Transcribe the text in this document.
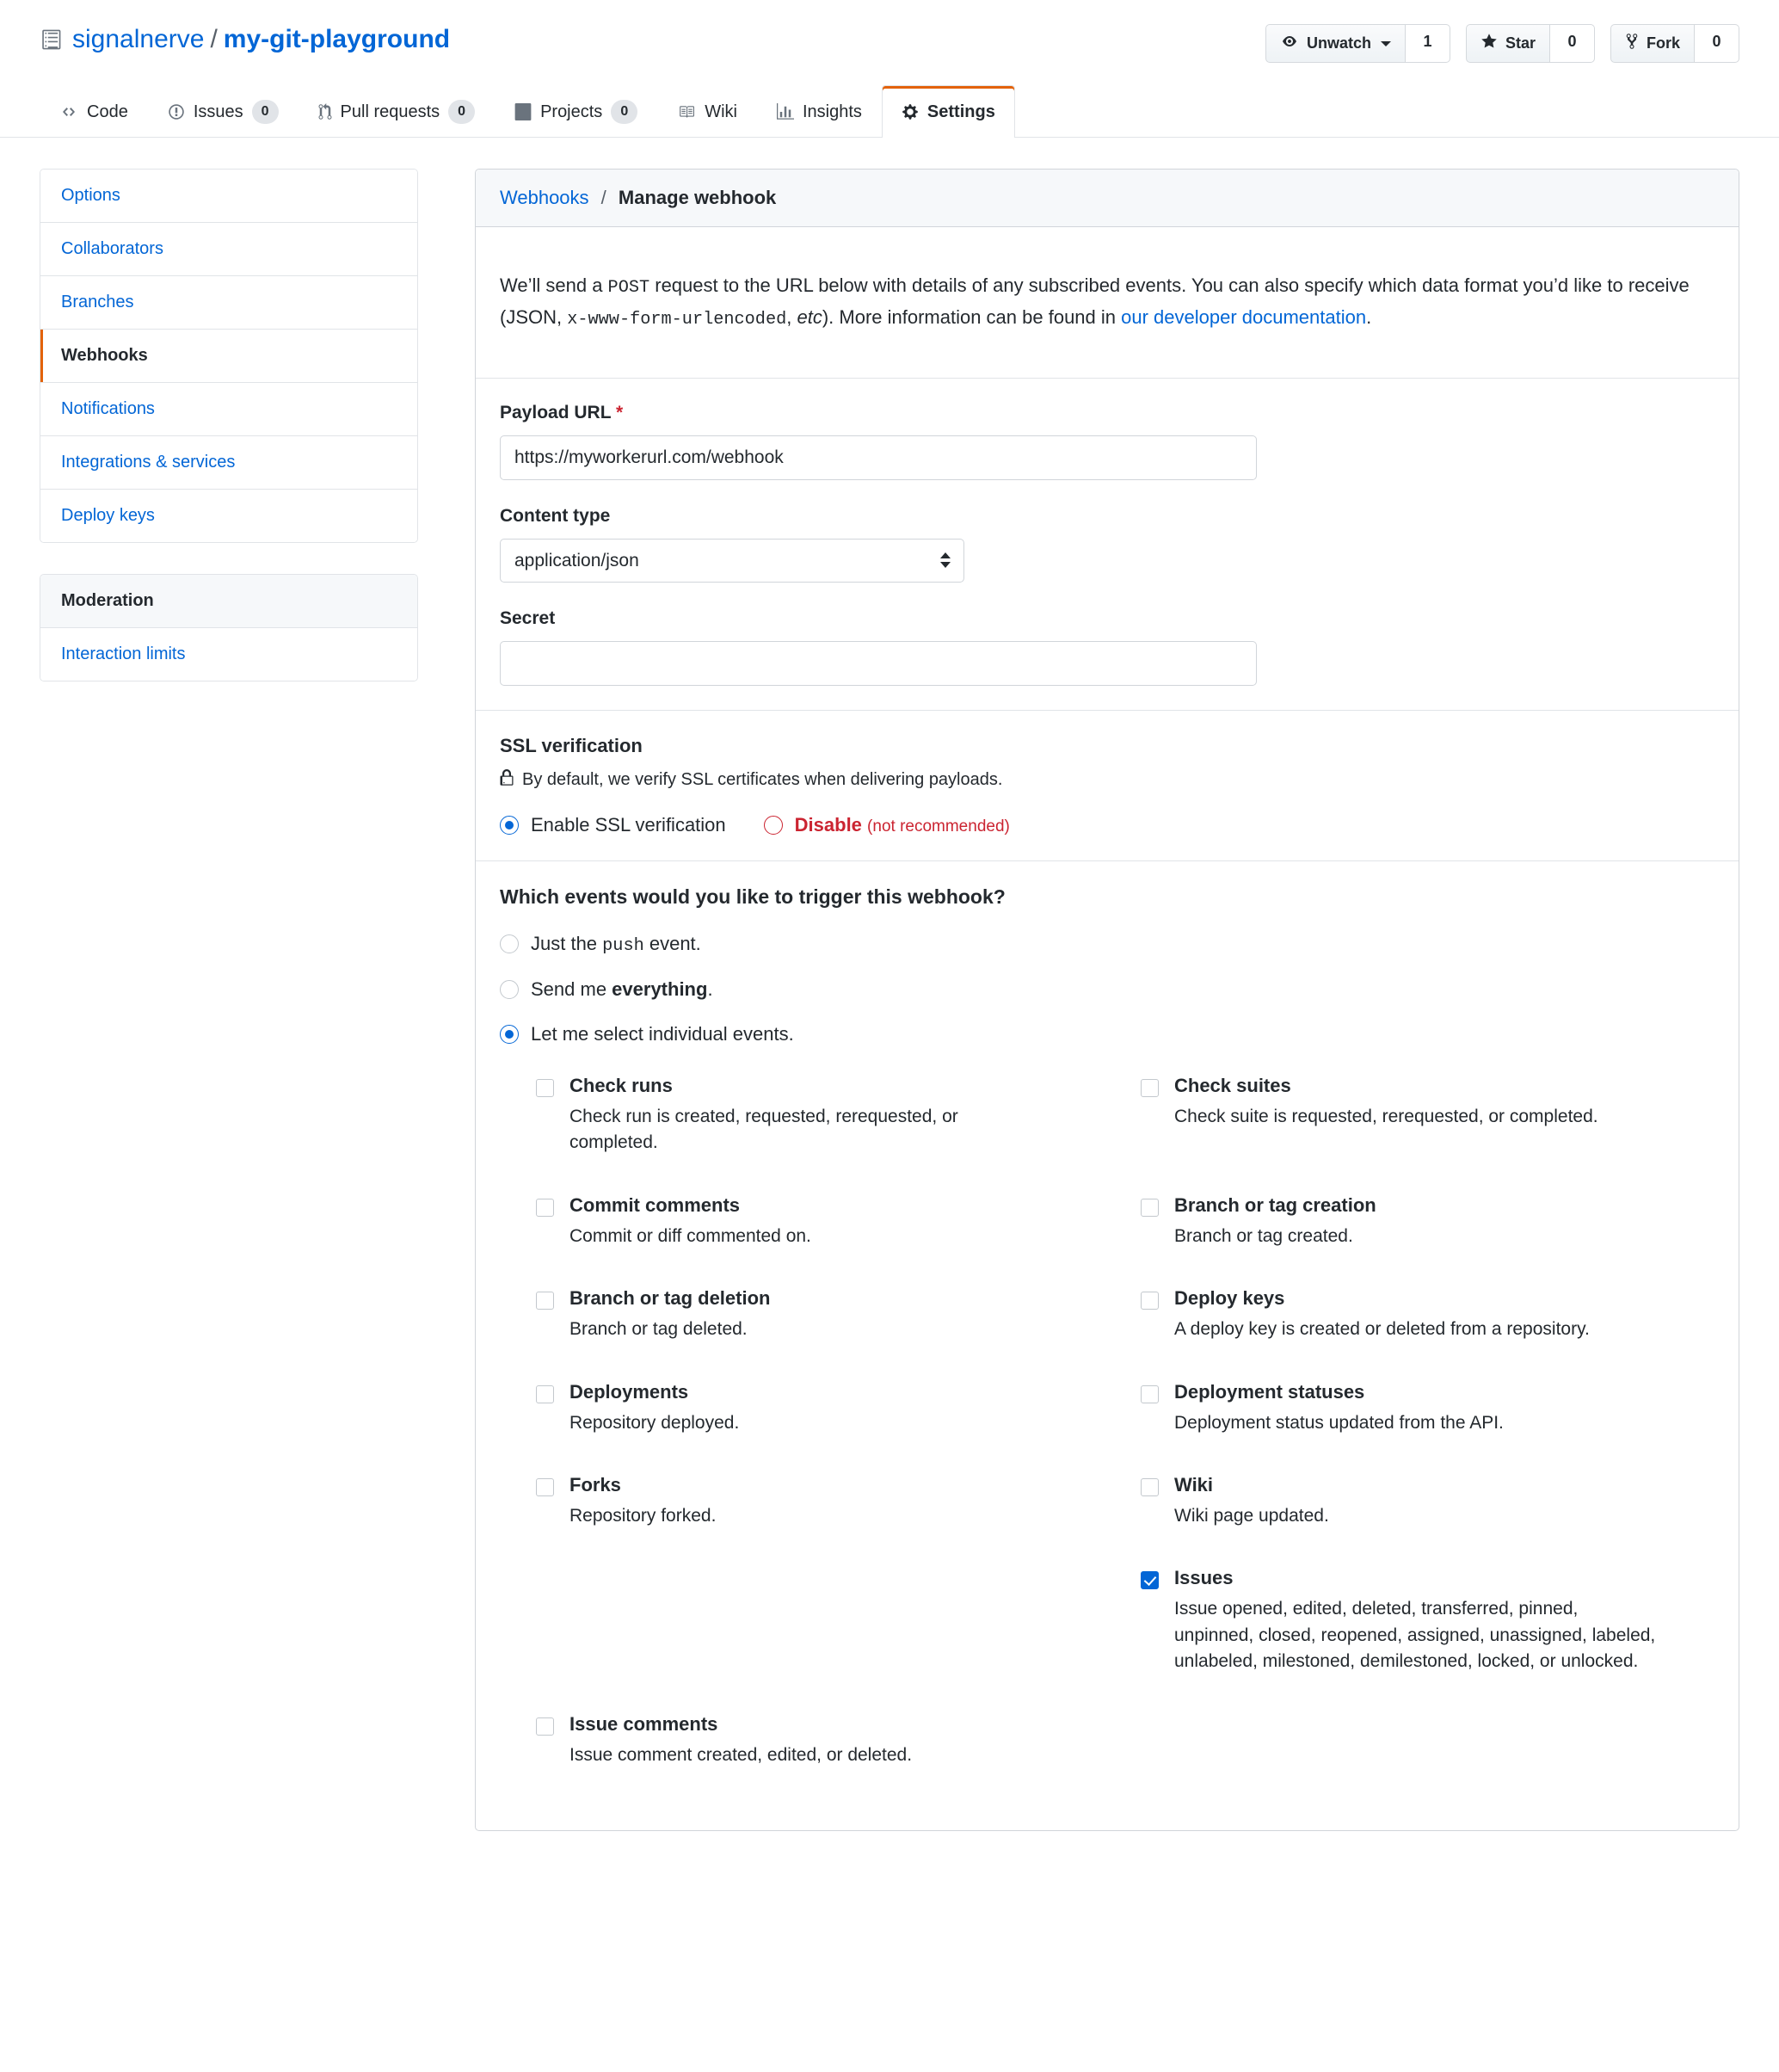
signalnerve / my-git-playground	Unwatch	1	Star	0	Fork	0
Code	Issues	0	Pull requests	0	Projects	0	Wiki	Insights	Settings
Options
Collaborators
Branches
Webhooks
Notifications
Integrations & services
Deploy keys
Moderation
Interaction limits
Webhooks / Manage webhook

We’ll send a POST request to the URL below with details of any subscribed events. You can also specify which data format you’d like to receive (JSON, x-www-form-urlencoded, etc). More information can be found in our developer documentation.

Payload URL *
https://myworkerurl.com/webhook
Content type
application/json
Secret
SSL verification
By default, we verify SSL certificates when delivering payloads.
Enable SSL verification	Disable (not recommended)
Which events would you like to trigger this webhook?
Just the push event.
Send me everything.
Let me select individual events.
Check runs
Check run is created, requested, rerequested, or completed.
Check suites
Check suite is requested, rerequested, or completed.
Commit comments
Commit or diff commented on.
Branch or tag creation
Branch or tag created.
Branch or tag deletion
Branch or tag deleted.
Deploy keys
A deploy key is created or deleted from a repository.
Deployments
Repository deployed.
Deployment statuses
Deployment status updated from the API.
Forks
Repository forked.
Wiki
Wiki page updated.
Issues
Issue opened, edited, deleted, transferred, pinned, unpinned, closed, reopened, assigned, unassigned, labeled, unlabeled, milestoned, demilestoned, locked, or unlocked.
Issue comments
Issue comment created, edited, or deleted.
